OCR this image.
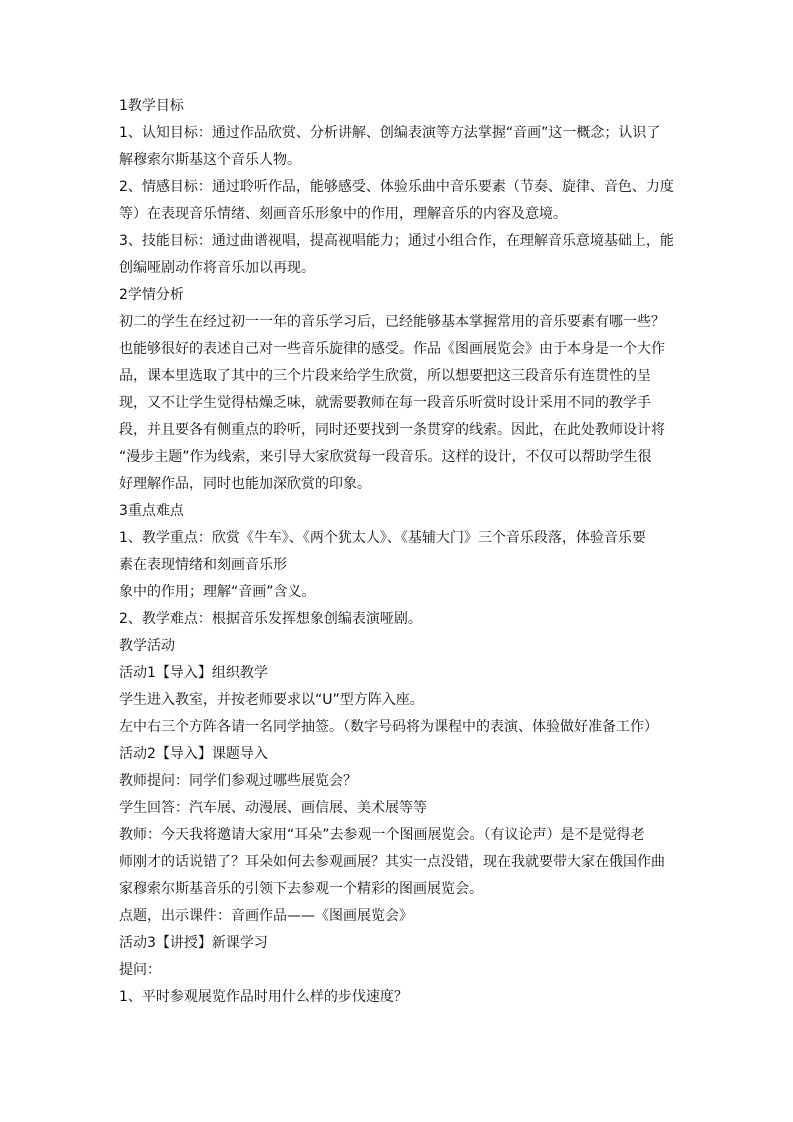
1教学目标
1、认知目标：通过作品欣赏、分析讲解、创编表演等方法掌握“音画”这一概念；认识了
解穆索尔斯基这个音乐人物。
2、情感目标：通过聆听作品，能够感受、体验乐曲中音乐要素（节奏、旋律、音色、力度
等）在表现音乐情绪、刻画音乐形象中的作用，理解音乐的内容及意境。
3、技能目标：通过曲谱视唱，提高视唱能力；通过小组合作，在理解音乐意境基础上，能
创编哑剧动作将音乐加以再现。
2学情分析
初二的学生在经过初一一年的音乐学习后，已经能够基本掌握常用的音乐要素有哪一些？
也能够很好的表述自己对一些音乐旋律的感受。作品《图画展览会》由于本身是一个大作
品，课本里选取了其中的三个片段来给学生欣赏，所以想要把这三段音乐有连贯性的呈
现，又不让学生觉得枯燥乏味，就需要教师在每一段音乐听赏时设计采用不同的教学手
段，并且要各有侧重点的聆听，同时还要找到一条贯穿的线索。因此，在此处教师设计将
“漫步主题”作为线索，来引导大家欣赏每一段音乐。这样的设计，不仅可以帮助学生很
好理解作品，同时也能加深欣赏的印象。
3重点难点
1、教学重点：欣赏《牛车》、《两个犹太人》、《基辅大门》三个音乐段落，体验音乐要
素在表现情绪和刻画音乐形
象中的作用；理解“音画”含义。
2、教学难点：根据音乐发挥想象创编表演哑剧。
教学活动
活动1【导入】组织教学
学生进入教室，并按老师要求以“U”型方阵入座。
左中右三个方阵各请一名同学抽签。（数字号码将为课程中的表演、体验做好准备工作）
活动2【导入】课题导入
教师提问：同学们参观过哪些展览会？
学生回答：汽车展、动漫展、画信展、美术展等等
教师：今天我将邀请大家用“耳朵”去参观一个图画展览会。（有议论声）是不是觉得老
师刚才的话说错了？耳朵如何去参观画展？其实一点没错，现在我就要带大家在俄国作曲
家穆索尔斯基音乐的引领下去参观一个精彩的图画展览会。
点题，出示课件：音画作品——《图画展览会》
活动3【讲授】新课学习
提问：
1、平时参观展览作品时用什么样的步伐速度？
